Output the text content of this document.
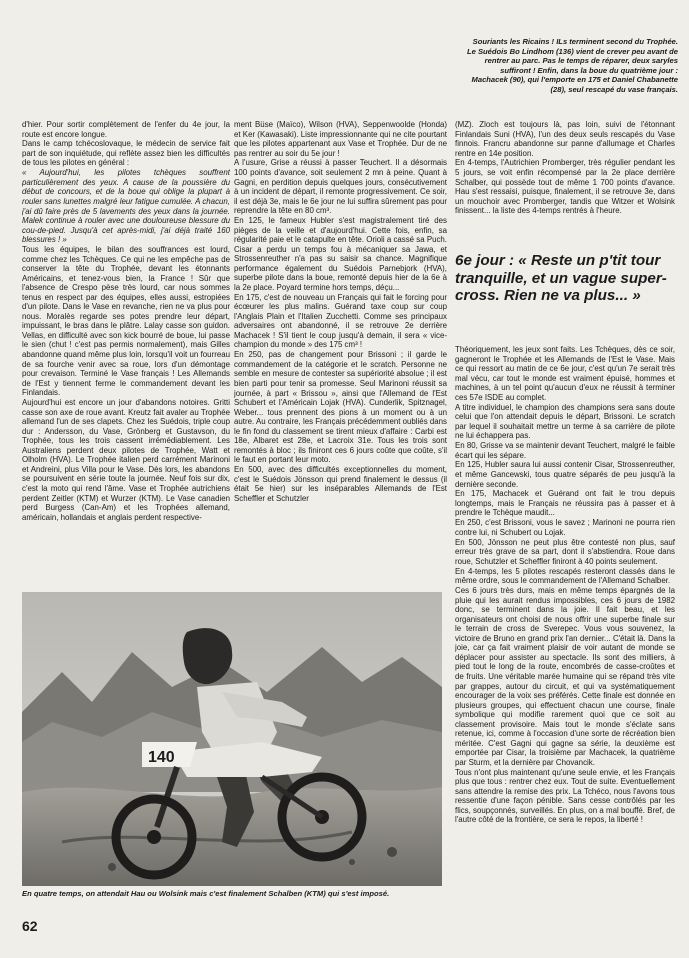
Souriants les Ricains ! ILs terminent second du Trophée. Le Suédois Bo Lindhom (136) vient de crever peu avant de rentrer au parc. Pas le temps de réparer, deux saryles suffiront ! Enfin, dans la boue du quatrième jour : Machacek (90), qui l'emporte en 175 et Daniel Chabanette (28), seul rescapé du vase français.

d'hier. Pour sortir complètement de l'enfer du 4e jour, la route est encore longue.

Dans le camp tchécoslovaque, le médecin de service fait part de son inquiétude, qui reflète assez bien les difficultés de tous les pilotes en général :

« Aujourd'hui, les pilotes tchèques souffrent particulièrement des yeux. A cause de la poussière du début de concours, et de la boue qui oblige la plupart à rouler sans lunettes malgré leur fatigue cumulée. A chacun, j'ai dû faire près de 5 lavements des yeux dans la journée. Malek continue à rouler avec une douloureuse blessure du cou-de-pied. Jusqu'à cet après-midi, j'ai déjà traité 160 blessures ! »

Tous les équipes, le bilan des souffrances est lourd, comme chez les Tchèques. Ce qui ne les empêche pas de conserver la tête du Trophée, devant les étonnants Américains, et tenez-vous bien, la France ! Sûr que l'absence de Crespo pèse très lourd, car nous sommes tenus en respect par des équipes, elles aussi, estropiées d'un pilote. Dans le Vase en revanche, rien ne va plus pour nous. Moralès regarde ses potes prendre leur départ, impuissant, le bras dans le plâtre. Lalay casse son guidon. Vellas, en difficulté avec son kick bourré de boue, lui passe le sien (chut ! c'est pas permis normalement), mais Gilles abandonne quand même plus loin, lorsqu'il voit un fourreau de sa fourche venir avec sa roue, lors d'un démontage pour crevaison. Terminé le Vase français ! Les Allemands de l'Est y tiennent ferme le commandement devant les Finlandais.

Aujourd'hui est encore un jour d'abandons notoires. Gritti casse son axe de roue avant. Kreutz fait avaler au Trophée allemand l'un de ses clapets. Chez les Suédois, triple coup dur : Andersson, du Vase, Grönberg et Gustavson, du Trophée, tous les trois cassent irrémédiablement. Les Australiens perdent deux pilotes de Trophée, Watt et Olholm (HVA). Le Trophée italien perd carrément Marinoni et Andreini, plus Villa pour le Vase. Dès lors, les abandons se poursuivent en série toute la journée. Neuf fois sur dix, c'est la moto qui rend l'âme. Vase et Trophée autrichiens perdent Zeitler (KTM) et Wurzer (KTM). Le Vase canadien perd Burgess (Can-Am) et les Trophées allemand, américain, hollandais et anglais perdent respective-

ment Büse (Maïco), Wilson (HVA), Seppenwoolde (Honda) et Ker (Kawasaki). Liste impressionnante qui ne cite pourtant que les pilotes appartenant aux Vase et Trophée. Dur de ne pas rentrer au soir du 5e jour !

A l'usure, Grise a réussi à passer Teuchert. Il a désormais 100 points d'avance, soit seulement 2 mn à peine. Quant à Gagni, en perdition depuis quelques jours, consécutivement à un incident de départ, il remonte progressivement. Ce soir, il est déjà 3e, mais le 6e jour ne lui suffira sûrement pas pour reprendre la tête en 80 cm³.

En 125, le fameux Hubler s'est magistralement tiré des pièges de la veille et d'aujourd'hui. Cette fois, enfin, sa régularité paie et le catapulte en tête. Orioli a cassé sa Puch. Cisar a perdu un temps fou à mécaniquer sa Jawa, et Strossenreuther n'a pas su saisir sa chance. Magnifique performance également du Suédois Parnebjork (HVA), superbe pilote dans la boue, remonté depuis hier de la 6e à la 2e place. Poyard termine hors temps, déçu...

En 175, c'est de nouveau un Français qui fait le forcing pour écœurer les plus malins. Guérand taxe coup sur coup l'Anglais Plain et l'Italien Zucchetti. Comme ses principaux adversaires ont abandonné, il se retrouve 2e derrière Machacek ! S'il tient le coup jusqu'à demain, il sera « vice-champion du monde » des 175 cm³ !

En 250, pas de changement pour Brissoni ; il garde le commandement de la catégorie et le scratch. Personne ne semble en mesure de contester sa supériorité absolue ; il est bien parti pour tenir sa promesse. Seul Marinoni réussit sa journée, à part « Brissou », ainsi que l'Allemand de l'Est Schubert et l'Américain Lojak (HVA). Cunderlik, Spitznagel, Weber... tous prennent des pions à un moment ou à un autre. Au contraire, les Français précédemment oubliés dans le fin fond du classement se tirent mieux d'affaire : Carbi est 18e, Albaret est 28e, et Lacroix 31e. Tous les trois sont remontés à bloc ; ils finiront ces 6 jours coûte que coûte, s'il le faut en portant leur moto.

En 500, avec des difficultés exceptionnelles du moment, c'est le Suédois Jönsson qui prend finalement le dessus (il était 5e hier) sur les inséparables Allemands de l'Est Scheffler et Schutzler

(MZ). Zloch est toujours là, pas loin, suivi de l'étonnant Finlandais Suni (HVA), l'un des deux seuls rescapés du Vase finnois. Francru abandonne sur panne d'allumage et Charles rentre en 14e position.

En 4-temps, l'Autrichien Promberger, très régulier pendant les 5 jours, se voit enfin récompensé par la 2e place derrière Schalber, qui possède tout de même 1 700 points d'avance. Hau s'est ressaisi, puisque, finalement, il se retrouve 3e, dans un mouchoir avec Promberger, tandis que Witzer et Wolsink finissent... la liste des 4-temps rentrés à l'heure.

6e jour : « Reste un p'tit tour tranquille, et un vague super-cross. Rien ne va plus... »

Théoriquement, les jeux sont faits. Les Tchèques, dès ce soir, gagneront le Trophée et les Allemands de l'Est le Vase. Mais ce qui ressort au matin de ce 6e jour, c'est qu'un 7e serait très mal vécu, car tout le monde est vraiment épuisé, hommes et machines, à un tel point qu'aucun d'eux ne réussit à terminer ces 57e ISDE au complet.

A titre individuel, le champion des champions sera sans doute celui que l'on attendait depuis le départ, Brissoni. Le scratch par lequel il souhaitait mettre un terme à sa carrière de pilote ne lui échappera pas.

En 80, Grisse va se maintenir devant Teuchert, malgré le faible écart qui les sépare.

En 125, Hubler saura lui aussi contenir Cisar, Strossenreuther, et même Gancewski, tous quatre séparés de peu jusqu'à la dernière seconde.

En 175, Machacek et Guérand ont fait le trou depuis longtemps, mais le Français ne réussira pas à passer et à prendre le Tchèque maudit...

En 250, c'est Brissoni, vous le savez ; Marinoni ne pourra rien contre lui, ni Schubert ou Lojak.

En 500, Jönsson ne peut plus être contesté non plus, sauf erreur très grave de sa part, dont il s'abstiendra. Roue dans roue, Schutzler et Scheffler finiront à 40 points seulement.

En 4-temps, les 5 pilotes rescapés resteront classés dans le même ordre, sous le commandement de l'Allemand Schalber.

Ces 6 jours très durs, mais en même temps épargnés de la pluie qui les aurait rendus impossibles, ces 6 jours de 1982 donc, se terminent dans la joie. Il fait beau, et les organisateurs ont choisi de nous offrir une superbe finale sur le terrain de cross de Sverepec. Vous vous souvenez, la victoire de Bruno en grand prix l'an dernier... C'était là. Dans la joie, car ça fait vraiment plaisir de voir autant de monde se déplacer pour assister au spectacle. Ils sont des milliers, à pied tout le long de la route, encombrés de casse-croûtes et de fruits. Une véritable marée humaine qui se répand très vite par grappes, autour du circuit, et qui va systématiquement encourager de la voix ses préférés. Cette finale est donnée en plusieurs groupes, qui effectuent chacun une course, finale symbolique qui modifie rarement quoi que ce soit au classement provisoire. Mais tout le monde s'éclate sans retenue, ici, comme à l'occasion d'une sorte de récréation bien méritée. C'est Gagni qui gagne sa série, la deuxième est emportée par Cisar, la troisième par Machacek, la quatrième par Sturm, et la dernière par Chovancik.

Tous n'ont plus maintenant qu'une seule envie, et les Français plus que tous : rentrer chez eux. Tout de suite. Eventuellement sans attendre la remise des prix. La Tchéco, nous l'avons tous ressentie d'une façon pénible. Sans cesse contrôlés par les flics, soupçonnés, surveillés. En plus, on a mal bouffé. Bref, de l'autre côté de la frontière, ce sera le repos, la liberté !

140
En quatre temps, on attendait Hau ou Wolsink mais c'est finalement Schalben (KTM) qui s'est imposé.
62
